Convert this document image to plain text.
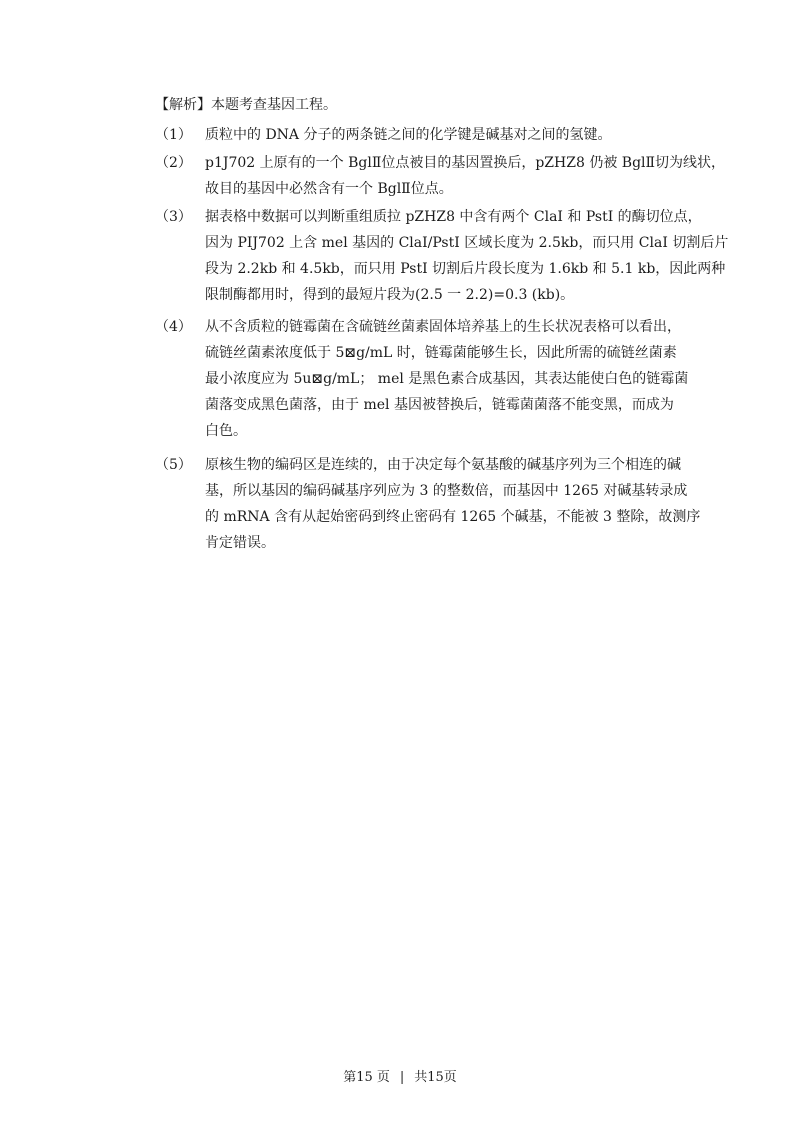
【解析】本题考查基因工程。
（1） 质粒中的 DNA 分子的两条链之间的化学键是碱基对之间的氢键。
（2） p1J702 上原有的一个 BglⅡ位点被目的基因置换后，pZHZ8 仍被 BglⅡ切为线状，
故目的基因中必然含有一个 BglⅡ位点。
（3） 据表格中数据可以判断重组质拉 pZHZ8 中含有两个 ClaI 和 PstI 的酶切位点，
因为 PIJ702 上含 mel 基因的 ClaI/PstI 区域长度为 2.5kb，而只用 ClaI 切割后片
段为 2.2kb 和 4.5kb，而只用 PstI 切割后片段长度为 1.6kb 和 5.1 kb，因此两种
限制酶都用时，得到的最短片段为(2.5 一 2.2)=0.3 (kb)。
（4） 从不含质粒的链霉菌在含硫链丝菌素固体培养基上的生长状况表格可以看出，
硫链丝菌素浓度低于 5⊠g/mL 时，链霉菌能够生长，因此所需的硫链丝菌素
最小浓度应为 5u⊠g/mL； mel 是黑色素合成基因，其表达能使白色的链霉菌
菌落变成黑色菌落，由于 mel 基因被替换后，链霉菌菌落不能变黑，而成为
白色。
（5） 原核生物的编码区是连续的，由于决定每个氨基酸的碱基序列为三个相连的碱
基，所以基因的编码碱基序列应为 3 的整数倍，而基因中 1265 对碱基转录成
的 mRNA 含有从起始密码到终止密码有 1265 个碱基，不能被 3 整除，故测序
肯定错误。
第15 页 | 共15页
